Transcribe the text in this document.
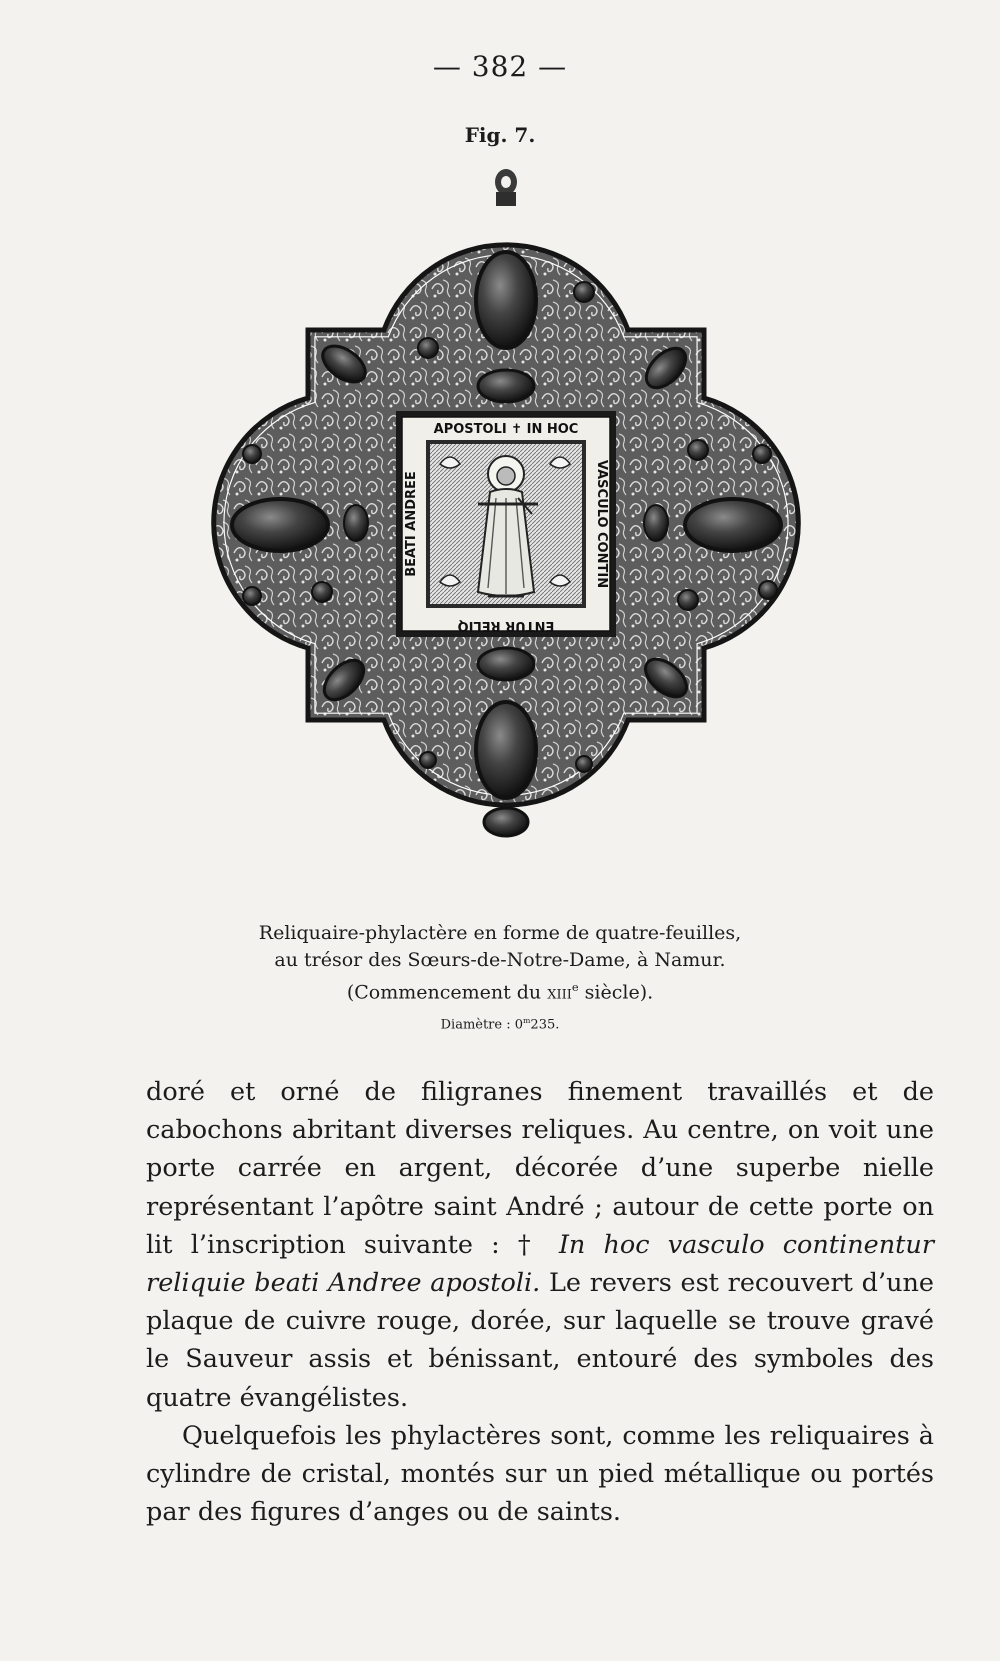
— 382 —
Fig. 7.
APOSTOLI ✝ IN HOC
VASCULO CONTIN
ENTUR RELIQ
BEATI ANDREE
Reliquaire-phylactère en forme de quatre-feuilles,
au trésor des Sœurs-de-Notre-Dame, à Namur.
(Commencement du xiii$^e$ siècle).
Diamètre : 0$^m$235.

doré et orné de filigranes finement travaillés et de cabochons abritant diverses reliques. Au centre, on voit une porte carrée en argent, décorée d’une superbe nielle représentant l’apôtre saint André ; autour de cette porte on lit l’inscription suivante : † In hoc vasculo continentur reliquie beati Andree apostoli. Le revers est recouvert d’une plaque de cuivre rouge, dorée, sur laquelle se trouve gravé le Sauveur assis et bénissant, entouré des symboles des quatre évangélistes.

Quelquefois les phylactères sont, comme les reliquaires à cylindre de cristal, montés sur un pied métallique ou portés par des figures d’anges ou de saints.
